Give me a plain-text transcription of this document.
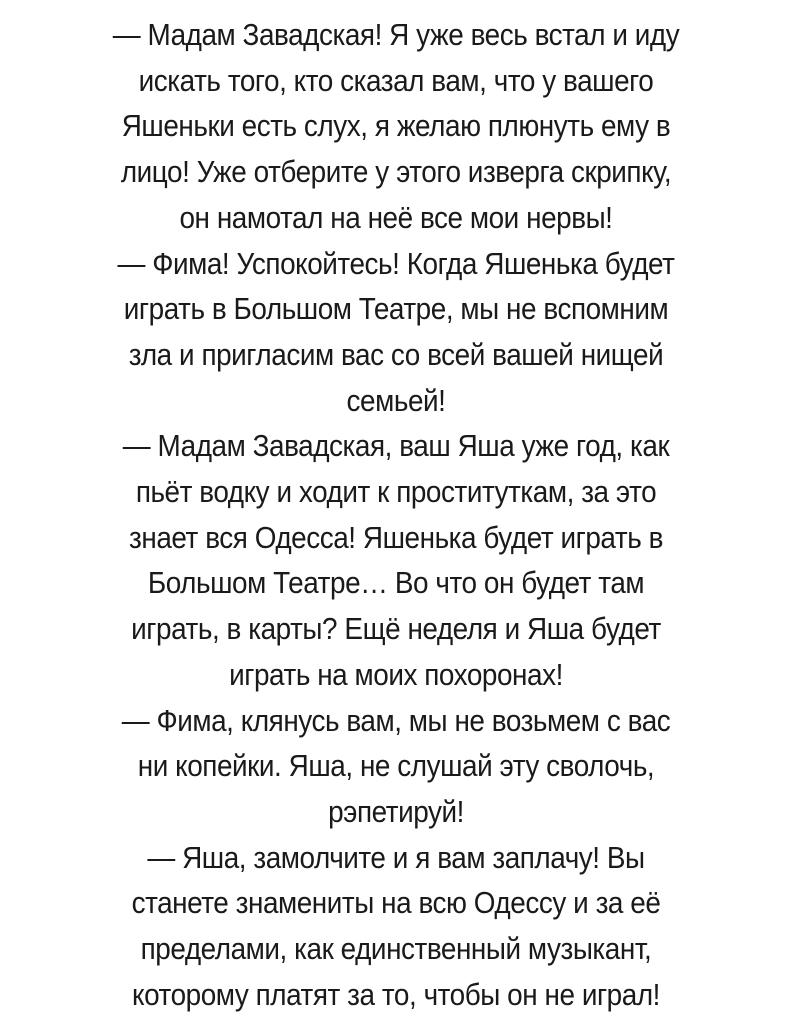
— Мадам Завадская! Я уже весь встал и иду
искать того, кто сказал вам, что у вашего
Яшеньки есть слух, я желаю плюнуть ему в
лицо! Уже отберите у этого изверга скрипку,
он намотал на неё все мои нервы!
— Фима! Успокойтесь! Когда Яшенька будет
играть в Большом Театре, мы не вспомним
зла и пригласим вас со всей вашей нищей
семьей!
— Мадам Завадская, ваш Яша уже год, как
пьёт водку и ходит к проституткам, за это
знает вся Одесса! Яшенька будет играть в
Большом Театре… Во что он будет там
играть, в карты? Ещё неделя и Яша будет
играть на моих похоронах!
— Фима, клянусь вам, мы не возьмем с вас
ни копейки. Яша, не слушай эту сволочь,
рэпетируй!
— Яша, замолчите и я вам заплачу! Вы
станете знамениты на всю Одессу и за её
пределами, как единственный музыкант,
которому платят за то, чтобы он не играл!
